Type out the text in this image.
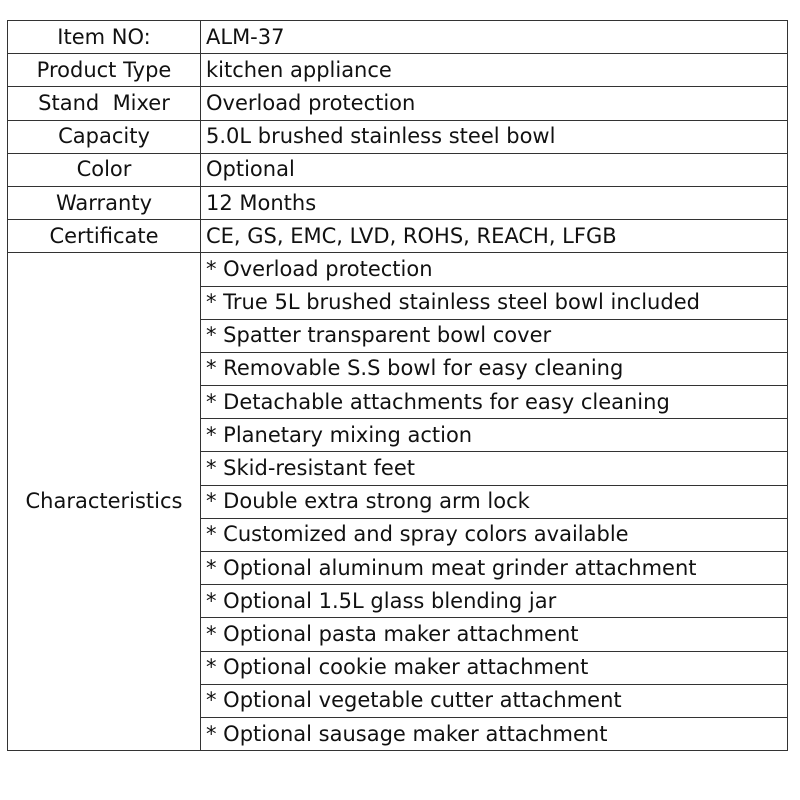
Item NO:	ALM-37
Product Type	kitchen appliance
Stand  Mixer	Overload protection
Capacity	5.0L brushed stainless steel bowl
Color	Optional
Warranty	12 Months
Certificate	CE, GS, EMC, LVD, ROHS, REACH, LFGB
Characteristics	* Overload protection
	* True 5L brushed stainless steel bowl included
	* Spatter transparent bowl cover
	* Removable S.S bowl for easy cleaning
	* Detachable attachments for easy cleaning
	* Planetary mixing action
	* Skid-resistant feet
	* Double extra strong arm lock
	* Customized and spray colors available
	* Optional aluminum meat grinder attachment
	* Optional 1.5L glass blending jar
	* Optional pasta maker attachment
	* Optional cookie maker attachment
	* Optional vegetable cutter attachment
	* Optional sausage maker attachment
